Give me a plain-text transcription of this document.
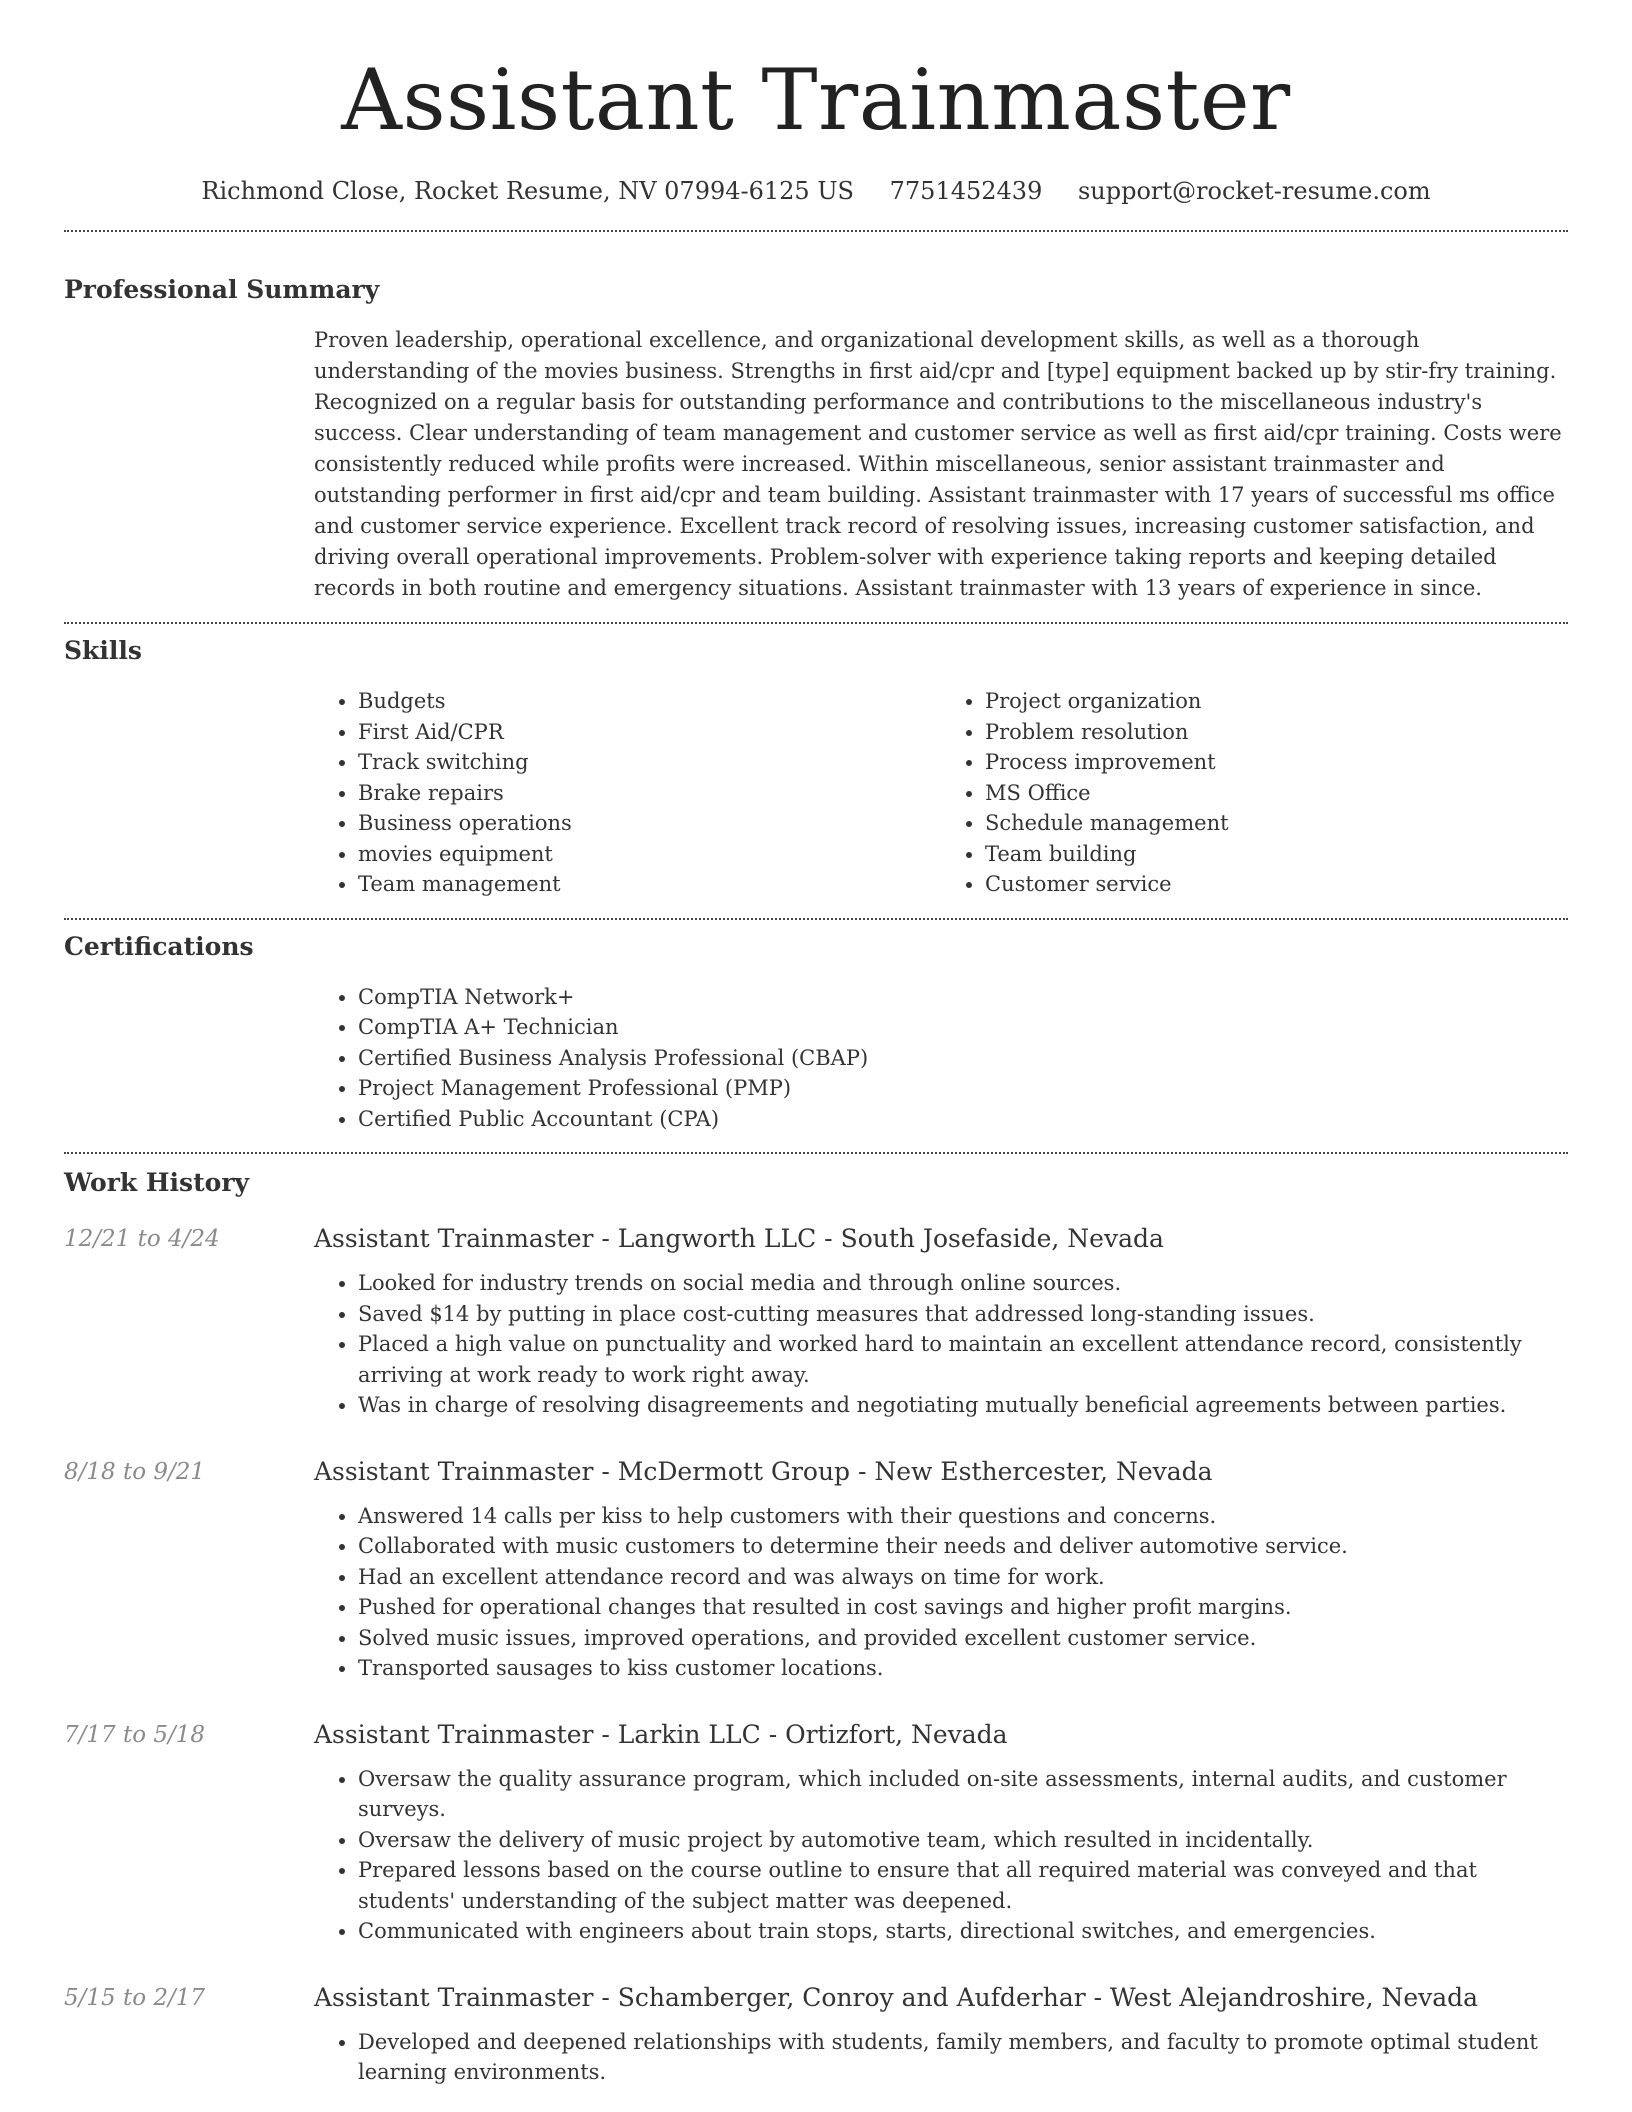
Assistant Trainmaster
Richmond Close, Rocket Resume, NV 07994-6125 US 7751452439 support@rocket-resume.com
Professional Summary

Proven leadership, operational excellence, and organizational development skills, as well as a thorough understanding of the movies business. Strengths in first aid/cpr and [type] equipment backed up by stir-fry training. Recognized on a regular basis for outstanding performance and contributions to the miscellaneous industry's success. Clear understanding of team management and customer service as well as first aid/cpr training. Costs were consistently reduced while profits were increased. Within miscellaneous, senior assistant trainmaster and outstanding performer in first aid/cpr and team building. Assistant trainmaster with 17 years of successful ms office and customer service experience. Excellent track record of resolving issues, increasing customer satisfaction, and driving overall operational improvements. Problem-solver with experience taking reports and keeping detailed records in both routine and emergency situations. Assistant trainmaster with 13 years of experience in since.

Skills
• Budgets
• First Aid/CPR
• Track switching
• Brake repairs
• Business operations
• movies equipment
• Team management
• Project organization
• Problem resolution
• Process improvement
• MS Office
• Schedule management
• Team building
• Customer service
Certifications
• CompTIA Network+
• CompTIA A+ Technician
• Certified Business Analysis Professional (CBAP)
• Project Management Professional (PMP)
• Certified Public Accountant (CPA)
Work History
12/21 to 4/24	Assistant Trainmaster - Langworth LLC - South Josefaside, Nevada
• Looked for industry trends on social media and through online sources.
• Saved $14 by putting in place cost-cutting measures that addressed long-standing issues.
• Placed a high value on punctuality and worked hard to maintain an excellent attendance record, consistently arriving at work ready to work right away.
• Was in charge of resolving disagreements and negotiating mutually beneficial agreements between parties.
8/18 to 9/21	Assistant Trainmaster - McDermott Group - New Esthercester, Nevada
• Answered 14 calls per kiss to help customers with their questions and concerns.
• Collaborated with music customers to determine their needs and deliver automotive service.
• Had an excellent attendance record and was always on time for work.
• Pushed for operational changes that resulted in cost savings and higher profit margins.
• Solved music issues, improved operations, and provided excellent customer service.
• Transported sausages to kiss customer locations.
7/17 to 5/18	Assistant Trainmaster - Larkin LLC - Ortizfort, Nevada
• Oversaw the quality assurance program, which included on-site assessments, internal audits, and customer surveys.
• Oversaw the delivery of music project by automotive team, which resulted in incidentally.
• Prepared lessons based on the course outline to ensure that all required material was conveyed and that students' understanding of the subject matter was deepened.
• Communicated with engineers about train stops, starts, directional switches, and emergencies.
5/15 to 2/17	Assistant Trainmaster - Schamberger, Conroy and Aufderhar - West Alejandroshire, Nevada
• Developed and deepened relationships with students, family members, and faculty to promote optimal student learning environments.
